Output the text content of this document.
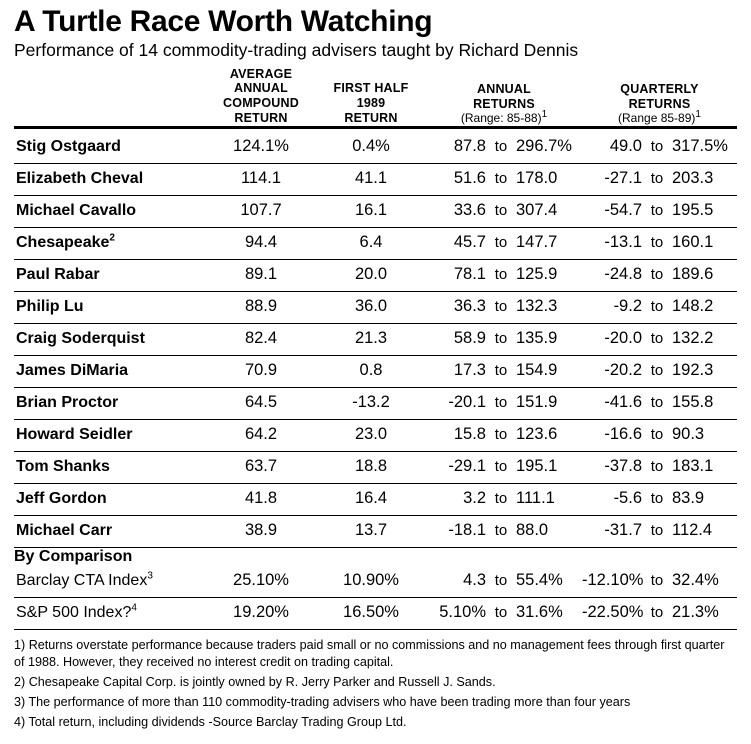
A Turtle Race Worth Watching
Performance of 14 commodity-trading advisers taught by Richard Dennis

AVERAGE
ANNUAL
COMPOUND
RETURN

FIRST HALF
1989
RETURN

ANNUAL
RETURNS
(Range: 85-88)$^1$

QUARTERLY
RETURNS
(Range 85-89)$^1$

Stig Ostgaard	124.1%	0.4%	87.8 to 296.7%	49.0 to 317.5%
Elizabeth Cheval	114.1	41.1	51.6 to 178.0	-27.1 to 203.3
Michael Cavallo	107.7	16.1	33.6 to 307.4	-54.7 to 195.5
Chesapeake$^2$	94.4	6.4	45.7 to 147.7	-13.1 to 160.1
Paul Rabar	89.1	20.0	78.1 to 125.9	-24.8 to 189.6
Philip Lu	88.9	36.0	36.3 to 132.3	-9.2 to 148.2
Craig Soderquist	82.4	21.3	58.9 to 135.9	-20.0 to 132.2
James DiMaria	70.9	0.8	17.3 to 154.9	-20.2 to 192.3
Brian Proctor	64.5	-13.2	-20.1 to 151.9	-41.6 to 155.8
Howard Seidler	64.2	23.0	15.8 to 123.6	-16.6 to 90.3
Tom Shanks	63.7	18.8	-29.1 to 195.1	-37.8 to 183.1
Jeff Gordon	41.8	16.4	3.2 to 111.1	-5.6 to 83.9
Michael Carr	38.9	13.7	-18.1 to 88.0	-31.7 to 112.4
By Comparison				
Barclay CTA Index$^3$	25.10%	10.90%	4.3 to 55.4%	-12.10% to 32.4%
S&P 500 Index?$^4$	19.20%	16.50%	5.10% to 31.6%	-22.50% to 21.3%
1) Returns overstate performance because traders paid small or no commissions and no management fees through first quarter of 1988. However, they received no interest credit on trading capital.
2) Chesapeake Capital Corp. is jointly owned by R. Jerry Parker and Russell J. Sands.
3) The performance of more than 110 commodity-trading advisers who have been trading more than four years
4) Total return, including dividends -Source Barclay Trading Group Ltd.
